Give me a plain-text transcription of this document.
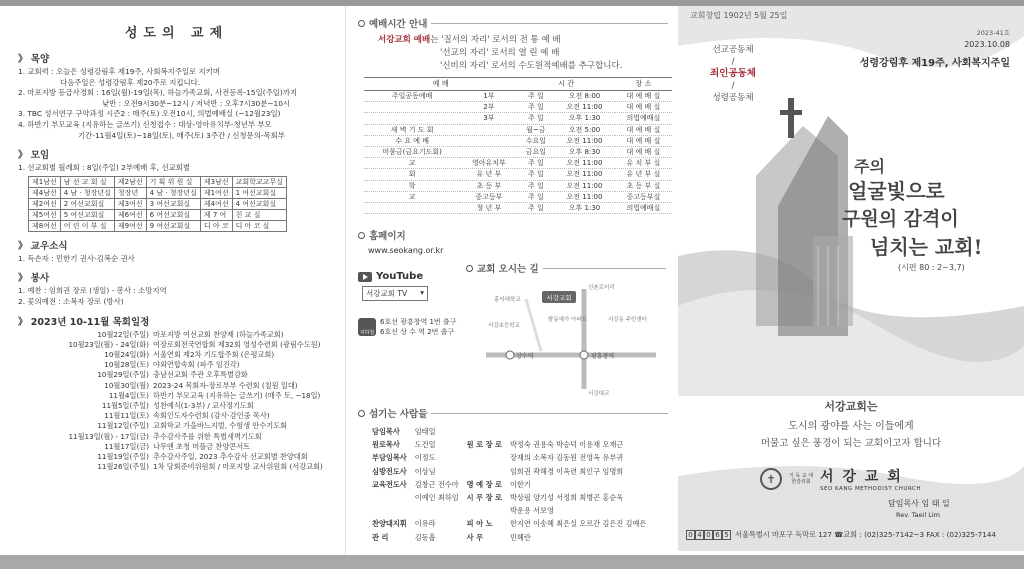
성도의 교제
》 목양
1. 교회력 : 오늘은 성령강림후 제19주, 사회복지주일로 지키며
다음주일은 성령강림후 제20주로 지킵니다.
2. 마포지방 등급사경회 : 16일(월)-19일(목), 하늘가족교회, 사전등록-15일(주일)까지
낮반 : 오전9시30분~12시 / 저녁반 : 오후7시30분~10시
3. TBC 성서연구 구약과정 시즌2 : 매주(토) 오전10시, 의법예배실 (~12월23일)
4. 하반기 부모교육 (지유하는 글쓰기) 신청접수 : 대상-영아유치부-청년부 부모
기간-11월4일(토)~18일(토), 매주(토) 3주간 / 신청문의-목회부
》 모임
1. 선교회별 월례회 : 8일(주일) 2부예배 후, 선교회별
제1남선	남 선 교 회 실	제2남선	기 획 위 원 실	제3남선	교회학교교무실
제4남선	4 남 · 청장년실	청장년	4 남 · 청장년실	제1여선	1 여선교회실
제2여선	2 여선교회실	제3여선	3 여선교회실	제4여선	4 여선교회실
제5여선	5 여선교회실	제6여선	6 여선교회실	제 7 여	친 교 실
제8여선	어 린 이 부 실	제9여선	9 여선교회실	디 아 코	디 아 코 실
》 교우소식
1. 득손자 : 민한기 권사-김복순 권사
》 봉사
1. 예찬 : 임희권 장로 (생일) - 봉사 : 소망지역
2. 꽃의예전 : 소복자 장로 (방사)
》 2023년 10-11월 목회일정
10월22일(주일) 마포지방 여선교회 찬양제 (하늘가족교회)
10월23일(월) - 24일(화) 여장로회전국연합회 제32회 영성수련회 (광림수도원)
10월24일(화) 서울연회 제2차 기도합주회 (은평교회)
10월28일(토) 야외연합속회 (파주 임진각)
10월29일(주일) 충남선교회 주관 오후특별감화
10월30일(월) 2023-24 목회자-장로부부 수련회 (칠원 일대)
11월4일(토) 하반기 부모교육 (지유하는 글쓰기) (매주 토, ~18일)
11월5일(주일) 성찬예식(1-3부) / 교사정기도회
11월11일(토) 속회인도자수련회 (감사·감인중 목사)
11월12일(주일) 교회학교 가을바느지벌, 수험생 안수기도회
11월13일(월) - 17일(금) 추수감사주를 위한 특별새벽기도회
11월17일(금) 나무엔 초청 머플금 찬양콘서트
11월19일(주일) 추수감사주일, 2023 추수감사 선교회별 찬양대회
11월26일(주일) 1차 당회준비위원회 / 마포지방 교사위원회 (서강교회)
예배시간 안내
서강교회 예배는 '질서의 자리' 로서의 전 통 예 배
'선교의 자리' 로서의 열 린 예 배
'신비의 자리' 로서의 수도원적예배를 추구합니다.
예 배		시 간		장 소
주일공동예배	1부	주 일	오전 8:00	대 예 배 실
	2부	주 일	오전 11:00	대 예 배 실
	3부	주 일	오후 1:30	의법예배실
새 벽 기 도 회		월~금	오전 5:00	대 예 배 실
수 요 예 배		수요일	오전 11:00	대 예 배 실
머뭄금(금요기도회)		금요일	오후 8:30	대 예 배 실
교	영아유치부	주 일	오전 11:00	유 치 부 실
회	유 년 부	주 일	오전 11:00	유 년 부 실
학	초 등 부	주 일	오전 11:00	초 등 부 실
교	중고등부	주 일	오전 11:00	중고등부실
	청 년 부	주 일	오후 1:30	의법예배실
홈페이지
www.seokang.or.kr
YouTube
서강교회 TV ▾
지하철
6호선 광흥창역 1번 출구
6호선 상 수 역 2번 출구
교회 오시는 길
서강교회
신촌로터리
홍익대학교
서강초등학교
밤동예가 아파트	서강동 주민센터
상수역	광흥창역
서강대교
섬기는 사람들
담임목사	임태일		
원로목사	도건일	원 로 장 로	박정숙 권용숙 박승덕 이용재 오재근
부담임목사	이정도		장재의 소복자 김동원 전영옥 유부귀
심방전도사	이상님		임희권 곽해경 이옥련 최인구 임명희
교육전도사	김창근 전수아	명 예 장 로	이한기
	이예인 최하임	시 무 장 로	박상필 양기성 서정희 최병곤 홍순욱
			박운용 서보영
찬양대지휘	이유라	피 아 노	한지연 이송혜 최은실 오르간 김은진 김예은
관 리	김동흡	사 무	민혜란
교회창립 1902년 5월 25일
2023-41호
2023.10.08
성령강림후 제19주, 사회복지주일
선교공동체
/
죄인공동체
/
성령공동체
주의
얼굴빛으로
구원의 감격이
넘치는 교회!
(시편 80 : 2~3,7)
서강교회는
도시의 광야를 사는 이들에게
머물고 싶은 풍경이 되는 교회이고자 합니다
✝	기 독 교 대한감리회 서 강 교 회
SEO KANG METHODIST CHURCH
담임목사 임 태 일
Rev. Taeil Lim
0 4 0 6 5 서울특별시 마포구 독막로 127 ☎교회 : (02)325-7142~3 FAX : (02)325-7144
